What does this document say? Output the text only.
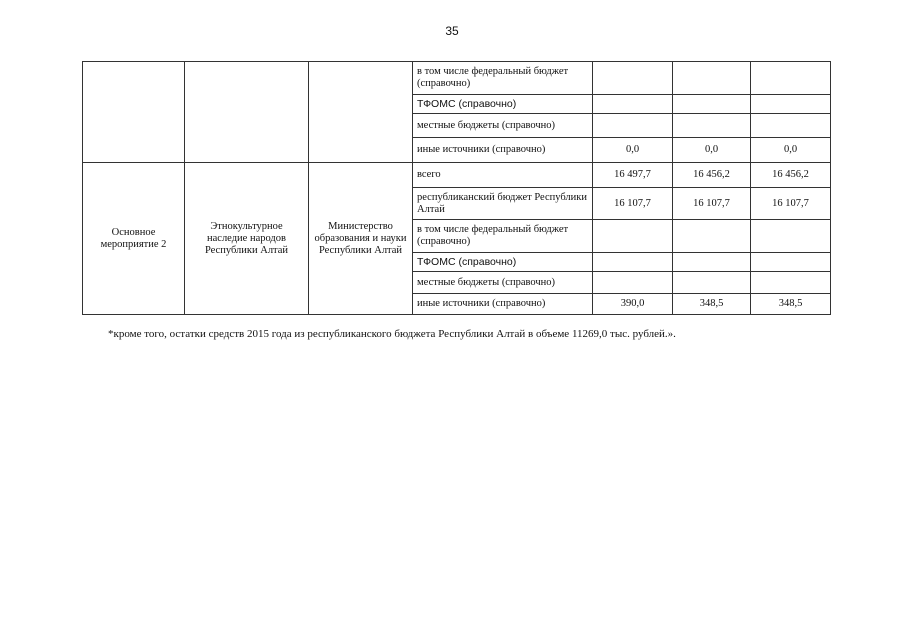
35
			в том числе федеральный бюджет (справочно)			
			ТФОМС (справочно)			
			местные бюджеты (справочно)			
			иные источники (справочно)	0,0	0,0	0,0
Основное мероприятие 2	Этнокультурное наследие народов Республики Алтай	Министерство образования и науки Республики Алтай	всего	16 497,7	16 456,2	16 456,2
			республиканский бюджет Республики Алтай	16 107,7	16 107,7	16 107,7
			в том числе федеральный бюджет (справочно)			
			ТФОМС (справочно)			
			местные бюджеты (справочно)			
			иные источники (справочно)	390,0	348,5	348,5
*кроме того, остатки средств 2015 года из республиканского бюджета Республики Алтай в объеме 11269,0 тыс. рублей.».
